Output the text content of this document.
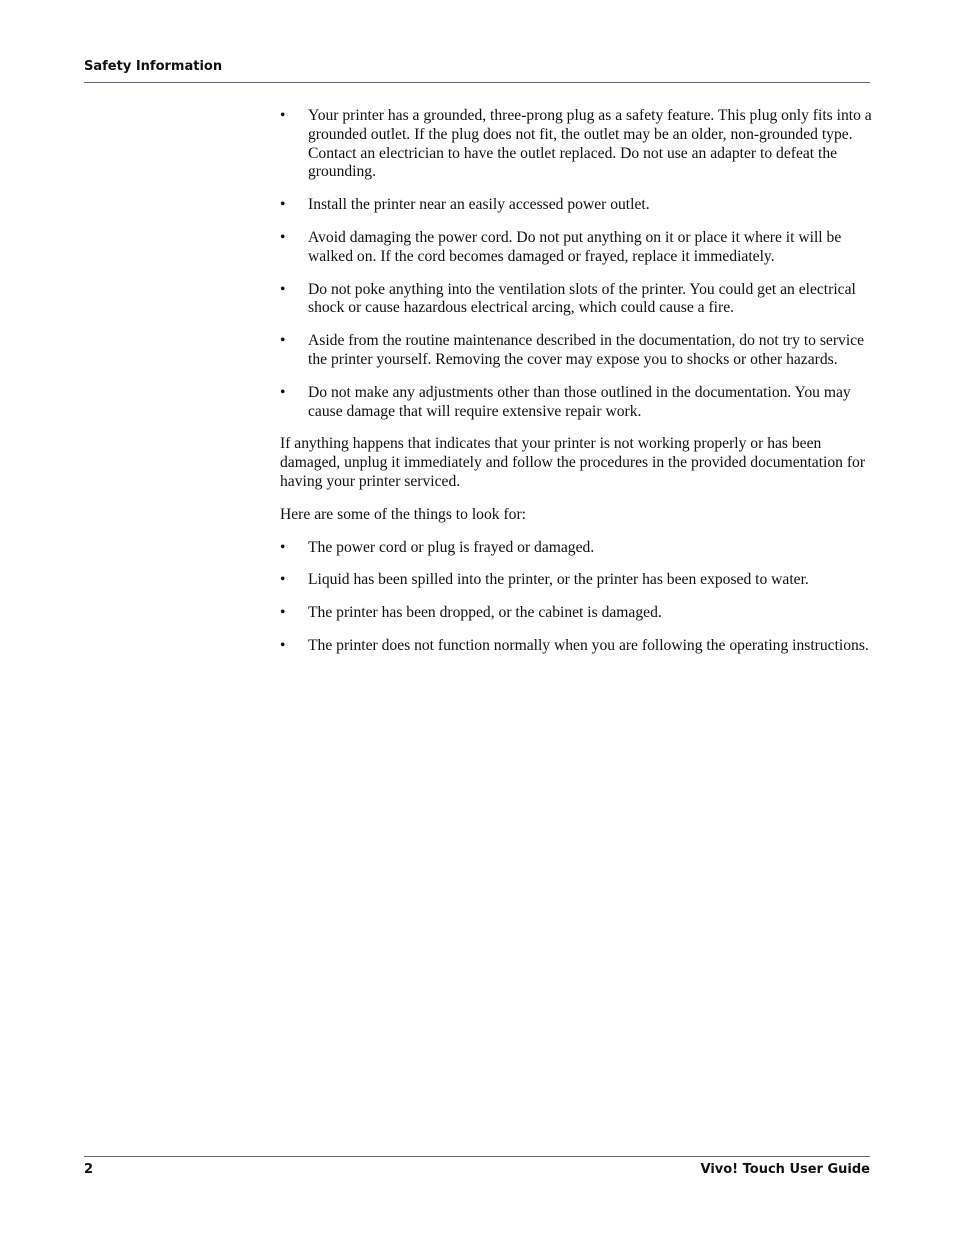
Safety Information
•	Your printer has a grounded, three-prong plug as a safety feature. This plug only fits into a grounded outlet. If the plug does not fit, the outlet may be an older, non-grounded type. Contact an electrician to have the outlet replaced. Do not use an adapter to defeat the grounding.
•	Install the printer near an easily accessed power outlet.
•	Avoid damaging the power cord. Do not put anything on it or place it where it will be walked on. If the cord becomes damaged or frayed, replace it immediately.
•	Do not poke anything into the ventilation slots of the printer. You could get an electrical shock or cause hazardous electrical arcing, which could cause a fire.
•	Aside from the routine maintenance described in the documentation, do not try to service the printer yourself. Removing the cover may expose you to shocks or other hazards.
•	Do not make any adjustments other than those outlined in the documentation. You may cause damage that will require extensive repair work.

If anything happens that indicates that your printer is not working properly or has been damaged, unplug it immediately and follow the procedures in the provided documentation for having your printer serviced.

Here are some of the things to look for:

•	The power cord or plug is frayed or damaged.
•	Liquid has been spilled into the printer, or the printer has been exposed to water.
•	The printer has been dropped, or the cabinet is damaged.
•	The printer does not function normally when you are following the operating instructions.
2	Vivo! Touch User Guide
